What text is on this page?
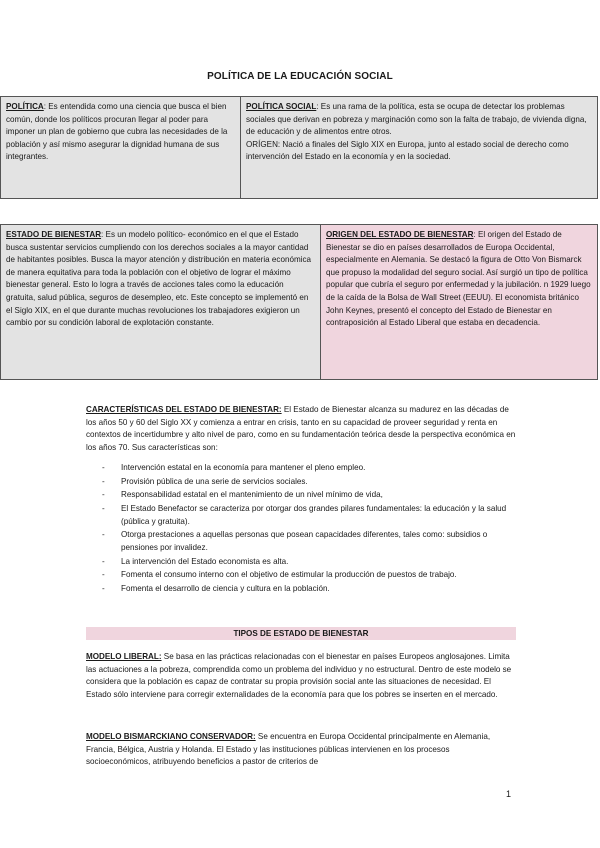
POLÍTICA DE LA EDUCACIÓN SOCIAL
POLÍTICA: Es entendida como una ciencia que busca el bien común, donde los políticos procuran llegar al poder para imponer un plan de gobierno que cubra las necesidades de la población y así mismo asegurar la dignidad humana de sus integrantes.
POLÍTICA SOCIAL: Es una rama de la política, esta se ocupa de detectar los problemas sociales que derivan en pobreza y marginación como son la falta de trabajo, de vivienda digna, de educación y de alimentos entre otros.
ORÍGEN: Nació a finales del Siglo XIX en Europa, junto al estado social de derecho como intervención del Estado en la economía y en la sociedad.
ESTADO DE BIENESTAR: Es un modelo político- económico en el que el Estado busca sustentar servicios cumpliendo con los derechos sociales a la mayor cantidad de habitantes posibles. Busca la mayor atención y distribución en materia económica de manera equitativa para toda la población con el objetivo de lograr el máximo bienestar general. Esto lo logra a través de acciones tales como la educación gratuita, salud pública, seguros de desempleo, etc. Este concepto se implementó en el Siglo XIX, en el que durante muchas revoluciones los trabajadores exigieron un cambio por su condición laboral de explotación constante.
ORIGEN DEL ESTADO DE BIENESTAR: El origen del Estado de Bienestar se dio en países desarrollados de Europa Occidental, especialmente en Alemania. Se destacó la figura de Otto Von Bismarck que propuso la modalidad del seguro social. Así surgió un tipo de política popular que cubría el seguro por enfermedad y la jubilación. n 1929 luego de la caída de la Bolsa de Wall Street (EEUU). El economista británico John Keynes, presentó el concepto del Estado de Bienestar en contraposición al Estado Liberal que estaba en decadencia.
CARACTERÍSTICAS DEL ESTADO DE BIENESTAR: El Estado de Bienestar alcanza su madurez en las décadas de los años 50 y 60 del Siglo XX y comienza a entrar en crisis, tanto en su capacidad de proveer seguridad y renta en contextos de incertidumbre y alto nivel de paro, como en su fundamentación teórica desde la perspectiva económica en los años 70. Sus características son:
- Intervención estatal en la economía para mantener el pleno empleo.
- Provisión pública de una serie de servicios sociales.
- Responsabilidad estatal en el mantenimiento de un nivel mínimo de vida,
- El Estado Benefactor se caracteriza por otorgar dos grandes pilares fundamentales: la educación y la salud (pública y gratuita).
- Otorga prestaciones a aquellas personas que posean capacidades diferentes, tales como: subsidios o pensiones por invalidez.
- La intervención del Estado economista es alta.
- Fomenta el consumo interno con el objetivo de estimular la producción de puestos de trabajo.
- Fomenta el desarrollo de ciencia y cultura en la población.
TIPOS DE ESTADO DE BIENESTAR
MODELO LIBERAL: Se basa en las prácticas relacionadas con el bienestar en países Europeos anglosajones. Limita las actuaciones a la pobreza, comprendida como un problema del individuo y no estructural. Dentro de este modelo se considera que la población es capaz de contratar su propia provisión social ante las situaciones de necesidad. El Estado sólo interviene para corregir externalidades de la economía para que los pobres se inserten en el mercado.
MODELO BISMARCKIANO CONSERVADOR: Se encuentra en Europa Occidental principalmente en Alemania, Francia, Bélgica, Austria y Holanda. El Estado y las instituciones públicas intervienen en los procesos socioeconómicos, atribuyendo beneficios a pastor de criterios de
1
